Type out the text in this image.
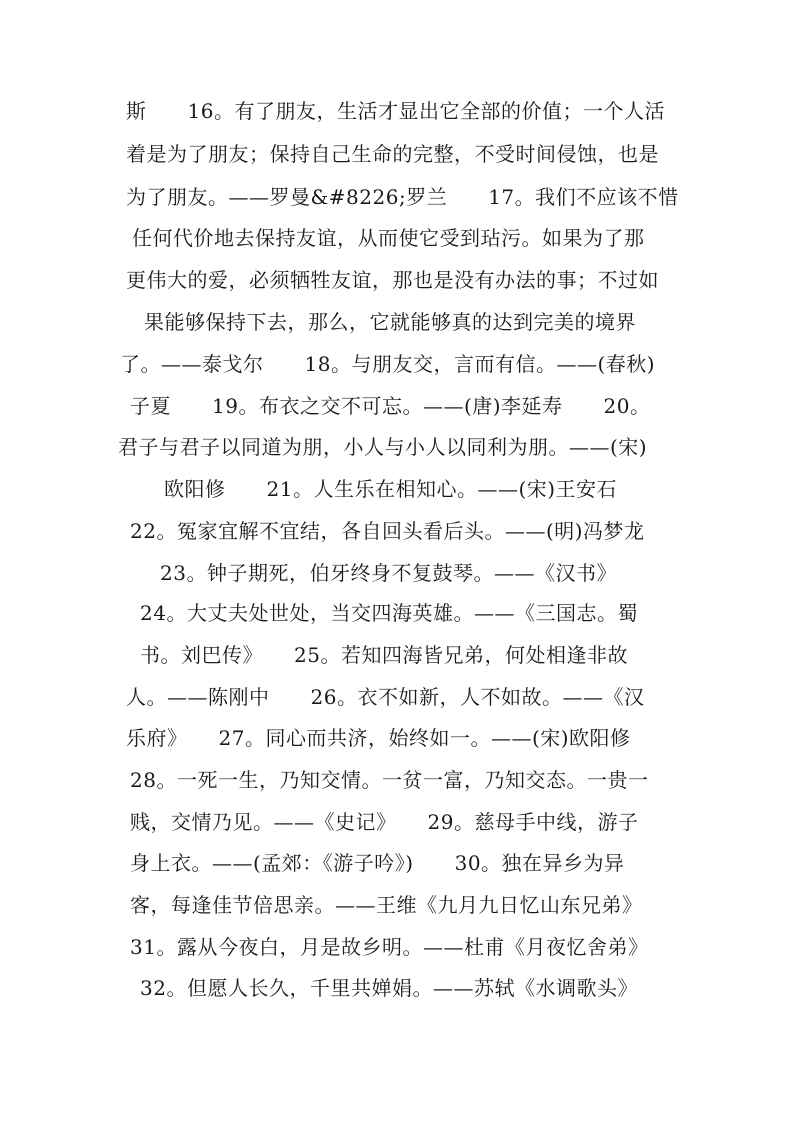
斯　　16。有了朋友，生活才显出它全部的价值；一个人活
着是为了朋友；保持自己生命的完整，不受时间侵蚀，也是
为了朋友。——罗曼&#8226;罗兰　　17。我们不应该不惜
任何代价地去保持友谊，从而使它受到玷污。如果为了那
更伟大的爱，必须牺牲友谊，那也是没有办法的事；不过如
果能够保持下去，那么，它就能够真的达到完美的境界
了。——泰戈尔　　18。与朋友交，言而有信。——(春秋)
子夏　　19。布衣之交不可忘。——(唐)李延寿　　20。
君子与君子以同道为朋，小人与小人以同利为朋。——(宋)
欧阳修　　21。人生乐在相知心。——(宋)王安石
22。冤家宜解不宜结，各自回头看后头。——(明)冯梦龙
23。钟子期死，伯牙终身不复鼓琴。——《汉书》
24。大丈夫处世处，当交四海英雄。——《三国志。蜀
书。刘巴传》　　25。若知四海皆兄弟，何处相逢非故
人。——陈刚中　　26。衣不如新，人不如故。——《汉
乐府》　　27。同心而共济，始终如一。——(宋)欧阳修
28。一死一生，乃知交情。一贫一富，乃知交态。一贵一
贱，交情乃见。——《史记》　　29。慈母手中线，游子
身上衣。——(孟郊：《游子吟》)　　30。独在异乡为异
客，每逢佳节倍思亲。——王维《九月九日忆山东兄弟》
31。露从今夜白，月是故乡明。——杜甫《月夜忆舍弟》
32。但愿人长久，千里共婵娟。——苏轼《水调歌头》
